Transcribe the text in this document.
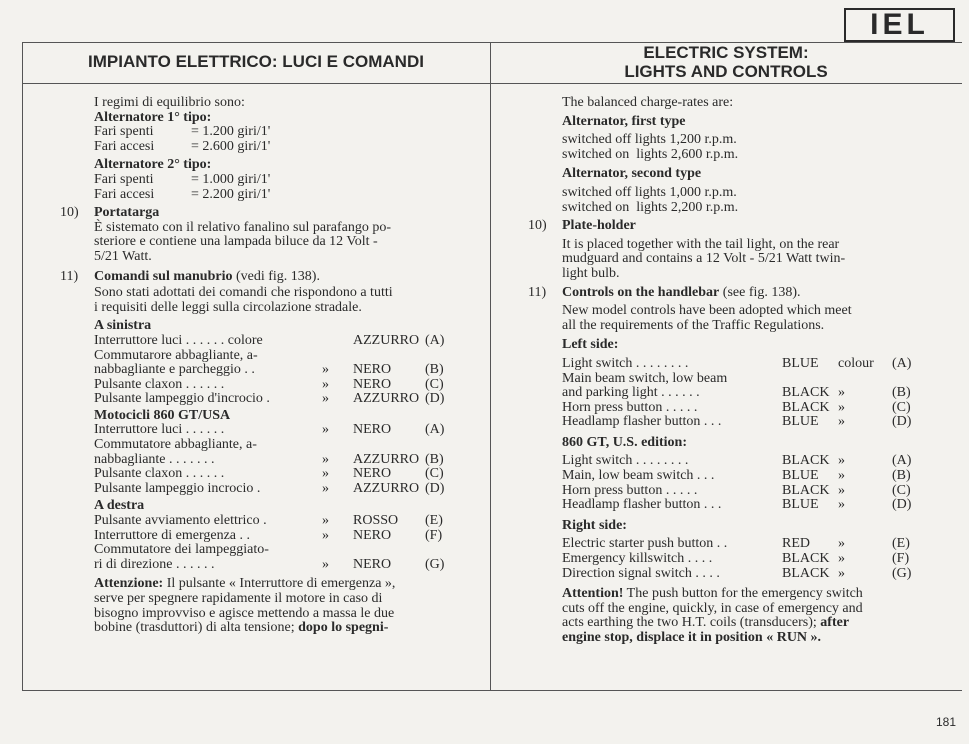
IEL
IMPIANTO ELETTRICO: LUCI E COMANDI	ELECTRIC SYSTEM:
LIGHTS AND CONTROLS

I regimi di equilibrio sono:

Alternatore 1° tipo:

Fari spenti	= 1.200 giri/1'
Fari accesi	= 2.600 giri/1'

Alternatore 2° tipo:

Fari spenti	= 1.000 giri/1'
Fari accesi	= 2.200 giri/1'

10) Portatarga

È sistemato con il relativo fanalino sul parafango po-

steriore e contiene una lampada biluce da 12 Volt -

5/21 Watt.

11) Comandi sul manubrio (vedi fig. 138).

Sono stati adottati dei comandi che rispondono a tutti

i requisiti delle leggi sulla circolazione stradale.

A sinistra

Interruttore luci . . . . . . colore	AZZURRO (A)
Commutarore abbagliante, a-
nabbagliante e parcheggio . .	» NERO (B)
Pulsante claxon . . . . . .	» NERO (C)
Pulsante lampeggio d'incrocio .	» AZZURRO (D)

Motocicli 860 GT/USA

Interruttore luci . . . . . .	» NERO (A)
Commutatore abbagliante, a-
nabbagliante . . . . . . .	» AZZURRO (B)
Pulsante claxon . . . . . .	» NERO (C)
Pulsante lampeggio incrocio .	» AZZURRO (D)

A destra

Pulsante avviamento elettrico .	» ROSSO (E)
Interruttore di emergenza . .	» NERO (F)
Commutatore dei lampeggiato-
ri di direzione . . . . . .	» NERO (G)
Attenzione: Il pulsante « Interruttore di emergenza »,
serve per spegnere rapidamente il motore in caso di
bisogno improvviso e agisce mettendo a massa le due
bobine (trasduttori) di alta tensione; dopo lo spegni-

The balanced charge-rates are:

Alternator, first type

switched off lights 1,200 r.p.m.

switched on  lights 2,600 r.p.m.

Alternator, second type

switched off lights 1,000 r.p.m.

switched on  lights 2,200 r.p.m.

10) Plate-holder

It is placed together with the tail light, on the rear

mudguard and contains a 12 Volt - 5/21 Watt twin-

light bulb.

11) Controls on the handlebar (see fig. 138).

New model controls have been adopted which meet

all the requirements of the Traffic Regulations.

Left side:

Light switch . . . . . . . .	BLUE colour (A)
Main beam switch, low beam
and parking light . . . . . .	BLACK »	(B)
Horn press button . . . . .	BLACK »	(C)
Headlamp flasher button . . .	BLUE »	(D)

860 GT, U.S. edition:

Light switch . . . . . . . .	BLACK »	(A)
Main, low beam switch . . .	BLUE »	(B)
Horn press button . . . . .	BLACK »	(C)
Headlamp flasher button . . .	BLUE »	(D)

Right side:

Electric starter push button . .	RED »	(E)
Emergency killswitch . . . .	BLACK »	(F)
Direction signal switch . . . .	BLACK »	(G)
Attention! The push button for the emergency switch
cuts off the engine, quickly, in case of emergency and
acts earthing the two H.T. coils (transducers); after
engine stop, displace it in position « RUN ».
181
